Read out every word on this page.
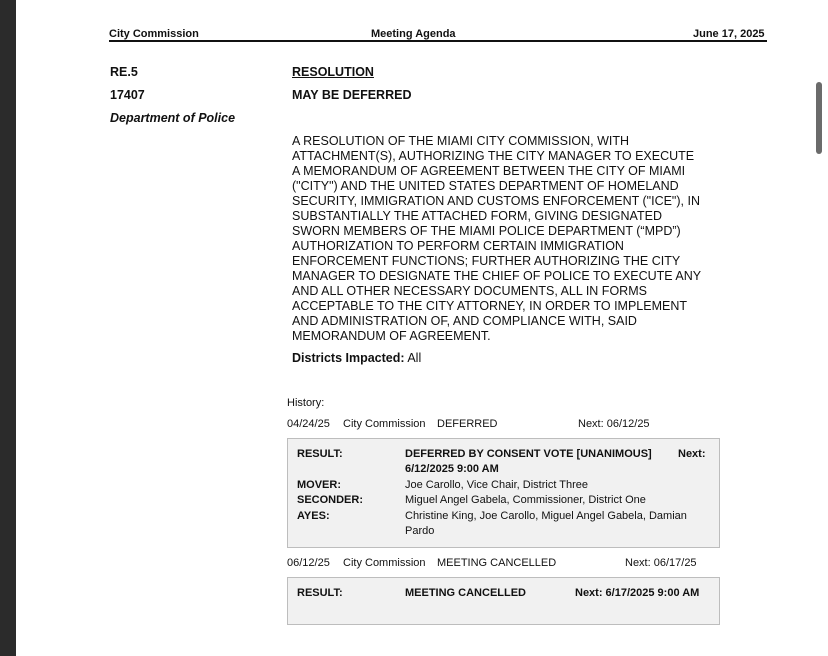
City Commission	Meeting Agenda	June 17, 2025
RE.5
17407
Department of Police
RESOLUTION
MAY BE DEFERRED
A RESOLUTION OF THE MIAMI CITY COMMISSION, WITH
ATTACHMENT(S), AUTHORIZING THE CITY MANAGER TO EXECUTE
A MEMORANDUM OF AGREEMENT BETWEEN THE CITY OF MIAMI
("CITY") AND THE UNITED STATES DEPARTMENT OF HOMELAND
SECURITY, IMMIGRATION AND CUSTOMS ENFORCEMENT ("ICE"), IN
SUBSTANTIALLY THE ATTACHED FORM, GIVING DESIGNATED
SWORN MEMBERS OF THE MIAMI POLICE DEPARTMENT (“MPD”)
AUTHORIZATION TO PERFORM CERTAIN IMMIGRATION
ENFORCEMENT FUNCTIONS; FURTHER AUTHORIZING THE CITY
MANAGER TO DESIGNATE THE CHIEF OF POLICE TO EXECUTE ANY
AND ALL OTHER NECESSARY DOCUMENTS, ALL IN FORMS
ACCEPTABLE TO THE CITY ATTORNEY, IN ORDER TO IMPLEMENT
AND ADMINISTRATION OF, AND COMPLIANCE WITH, SAID
MEMORANDUM OF AGREEMENT.
Districts Impacted: All
History:
04/24/25 City Commission DEFERRED	Next: 06/12/25
RESULT:	DEFERRED BY CONSENT VOTE [UNANIMOUS] Next:
6/12/2025 9:00 AM
MOVER:	Joe Carollo, Vice Chair, District Three
SECONDER:	Miguel Angel Gabela, Commissioner, District One
AYES:	Christine King, Joe Carollo, Miguel Angel Gabela, Damian
Pardo
06/12/25 City Commission MEETING CANCELLED	Next: 06/17/25
RESULT:	MEETING CANCELLED	Next: 6/17/2025 9:00 AM
